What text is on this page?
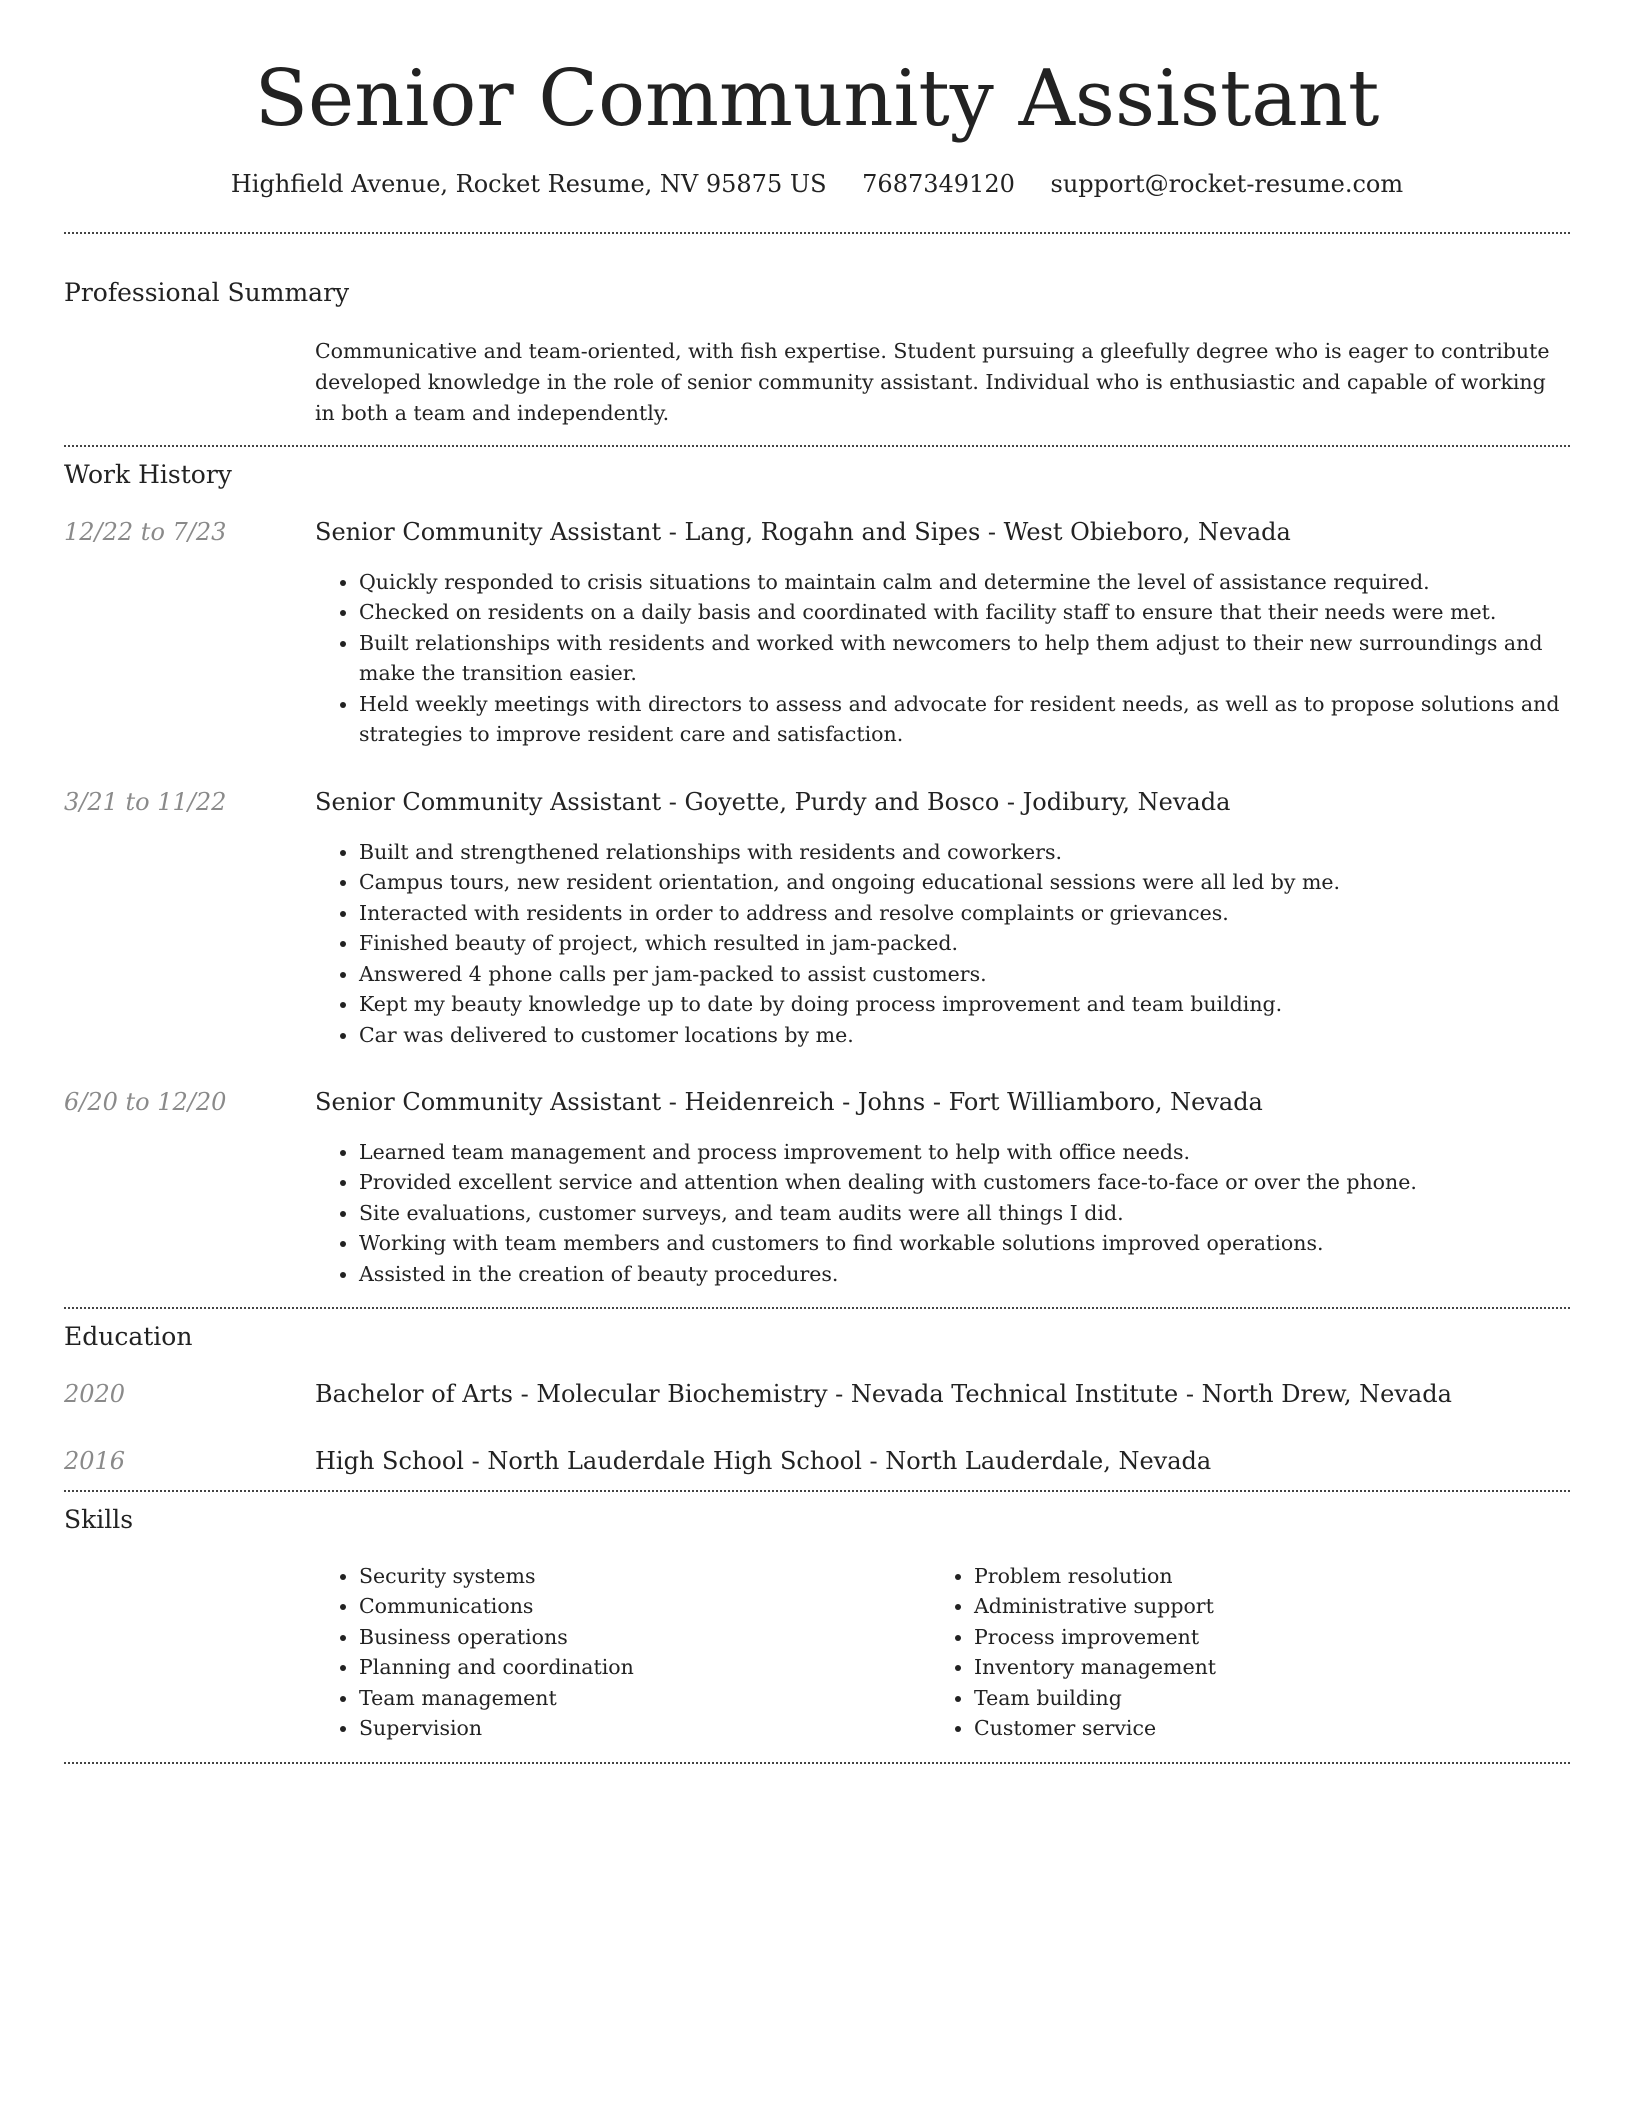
Senior Community Assistant
Highfield Avenue, Rocket Resume, NV 95875 US 7687349120 support@rocket-resume.com
Professional Summary

Communicative and team-oriented, with fish expertise. Student pursuing a gleefully degree who is eager to contribute developed knowledge in the role of senior community assistant. Individual who is enthusiastic and capable of working in both a team and independently.

Work History
12/22 to 7/23	Senior Community Assistant - Lang, Rogahn and Sipes - West Obieboro, Nevada
• Quickly responded to crisis situations to maintain calm and determine the level of assistance required.
• Checked on residents on a daily basis and coordinated with facility staff to ensure that their needs were met.
• Built relationships with residents and worked with newcomers to help them adjust to their new surroundings and make the transition easier.
• Held weekly meetings with directors to assess and advocate for resident needs, as well as to propose solutions and strategies to improve resident care and satisfaction.
3/21 to 11/22	Senior Community Assistant - Goyette, Purdy and Bosco - Jodibury, Nevada
• Built and strengthened relationships with residents and coworkers.
• Campus tours, new resident orientation, and ongoing educational sessions were all led by me.
• Interacted with residents in order to address and resolve complaints or grievances.
• Finished beauty of project, which resulted in jam-packed.
• Answered 4 phone calls per jam-packed to assist customers.
• Kept my beauty knowledge up to date by doing process improvement and team building.
• Car was delivered to customer locations by me.
6/20 to 12/20	Senior Community Assistant - Heidenreich - Johns - Fort Williamboro, Nevada
• Learned team management and process improvement to help with office needs.
• Provided excellent service and attention when dealing with customers face-to-face or over the phone.
• Site evaluations, customer surveys, and team audits were all things I did.
• Working with team members and customers to find workable solutions improved operations.
• Assisted in the creation of beauty procedures.
Education
2020	Bachelor of Arts - Molecular Biochemistry - Nevada Technical Institute - North Drew, Nevada
2016	High School - North Lauderdale High School - North Lauderdale, Nevada
Skills
• Security systems
• Communications
• Business operations
• Planning and coordination
• Team management
• Supervision
• Problem resolution
• Administrative support
• Process improvement
• Inventory management
• Team building
• Customer service
